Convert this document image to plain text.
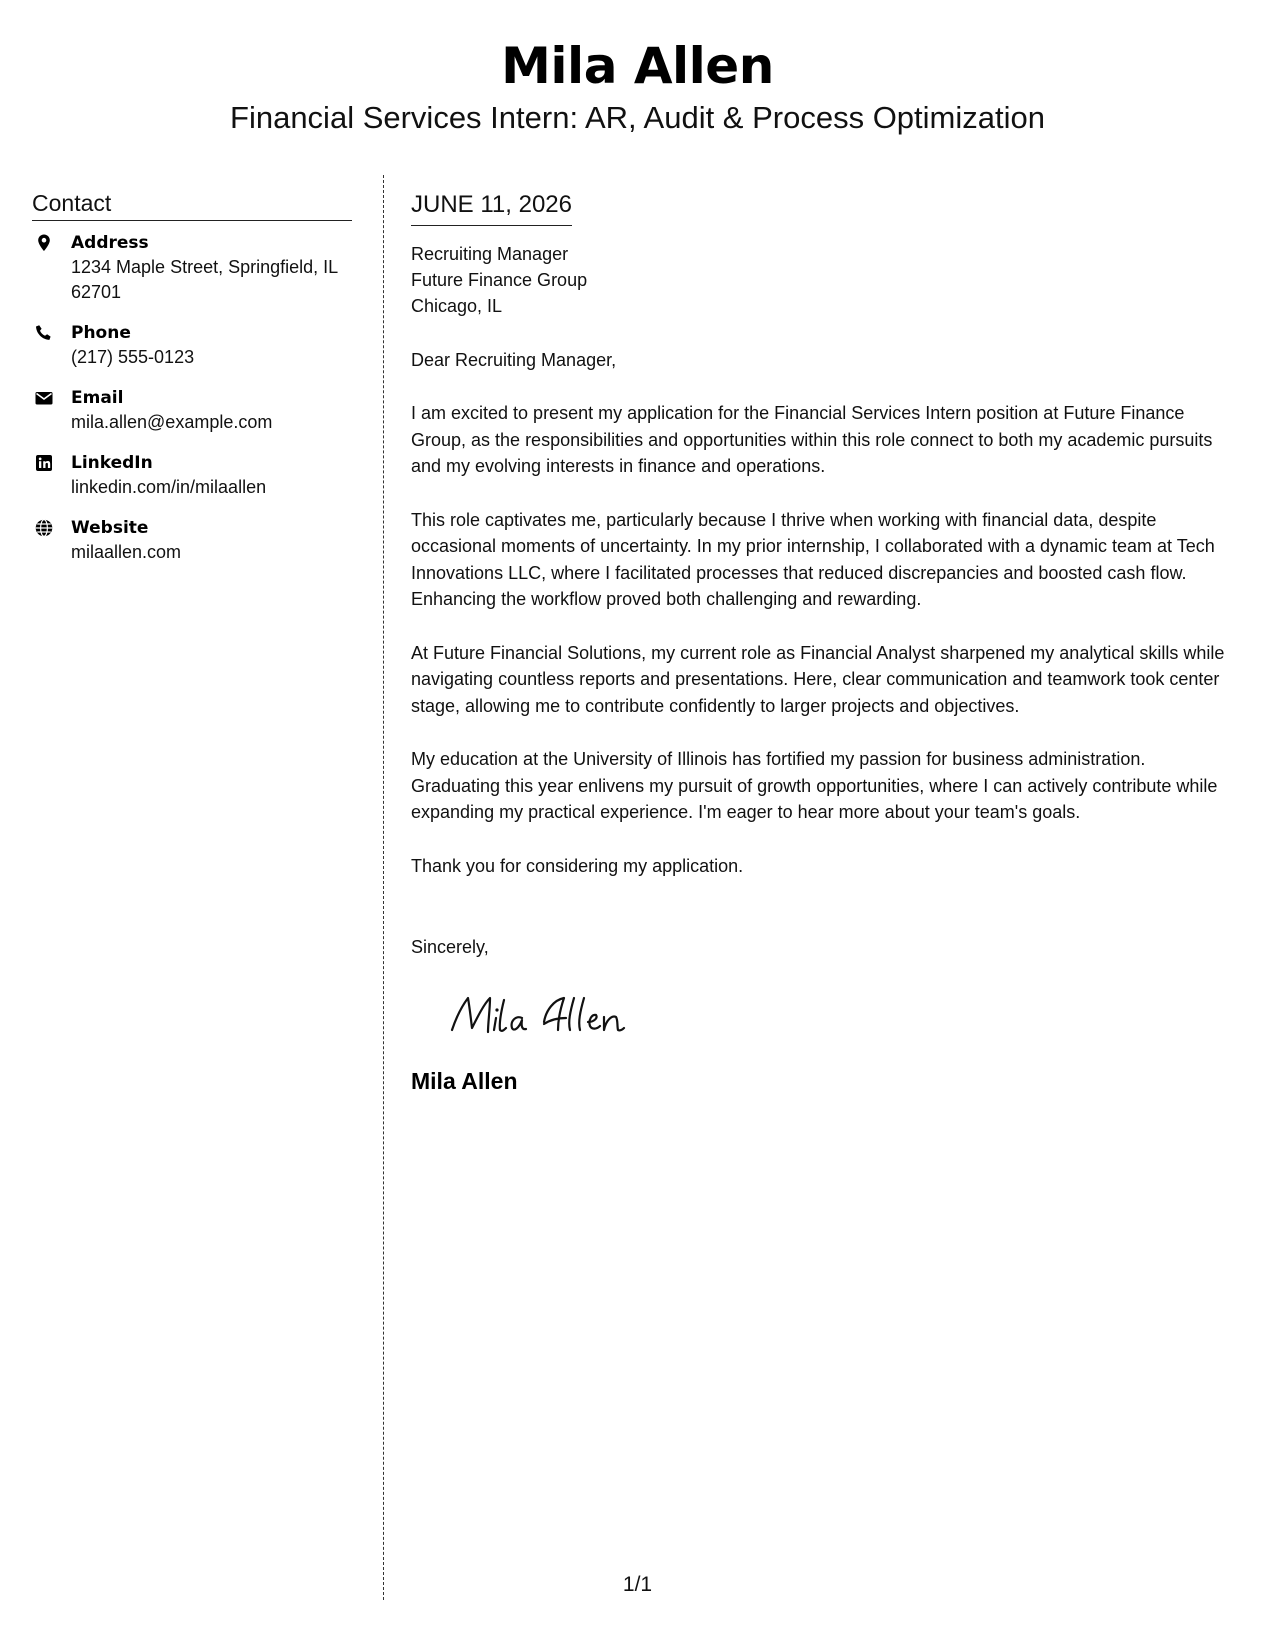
Mila Allen
Financial Services Intern: AR, Audit & Process Optimization
Contact
Address
1234 Maple Street, Springfield, IL 62701
Phone
(217) 555-0123
Email
mila.allen@example.com
LinkedIn
linkedin.com/in/milaallen
Website
milaallen.com
JUNE 11, 2026
Recruiting Manager
Future Finance Group
Chicago, IL
Dear Recruiting Manager,
I am excited to present my application for the Financial Services Intern position at Future Finance Group, as the responsibilities and opportunities within this role connect to both my academic pursuits and my evolving interests in finance and operations.
This role captivates me, particularly because I thrive when working with financial data, despite occasional moments of uncertainty. In my prior internship, I collaborated with a dynamic team at Tech Innovations LLC, where I facilitated processes that reduced discrepancies and boosted cash flow. Enhancing the workflow proved both challenging and rewarding.
At Future Financial Solutions, my current role as Financial Analyst sharpened my analytical skills while navigating countless reports and presentations. Here, clear communication and teamwork took center stage, allowing me to contribute confidently to larger projects and objectives.
My education at the University of Illinois has fortified my passion for business administration. Graduating this year enlivens my pursuit of growth opportunities, where I can actively contribute while expanding my practical experience. I'm eager to hear more about your team's goals.
Thank you for considering my application.
Sincerely,
Mila Allen
1/1
